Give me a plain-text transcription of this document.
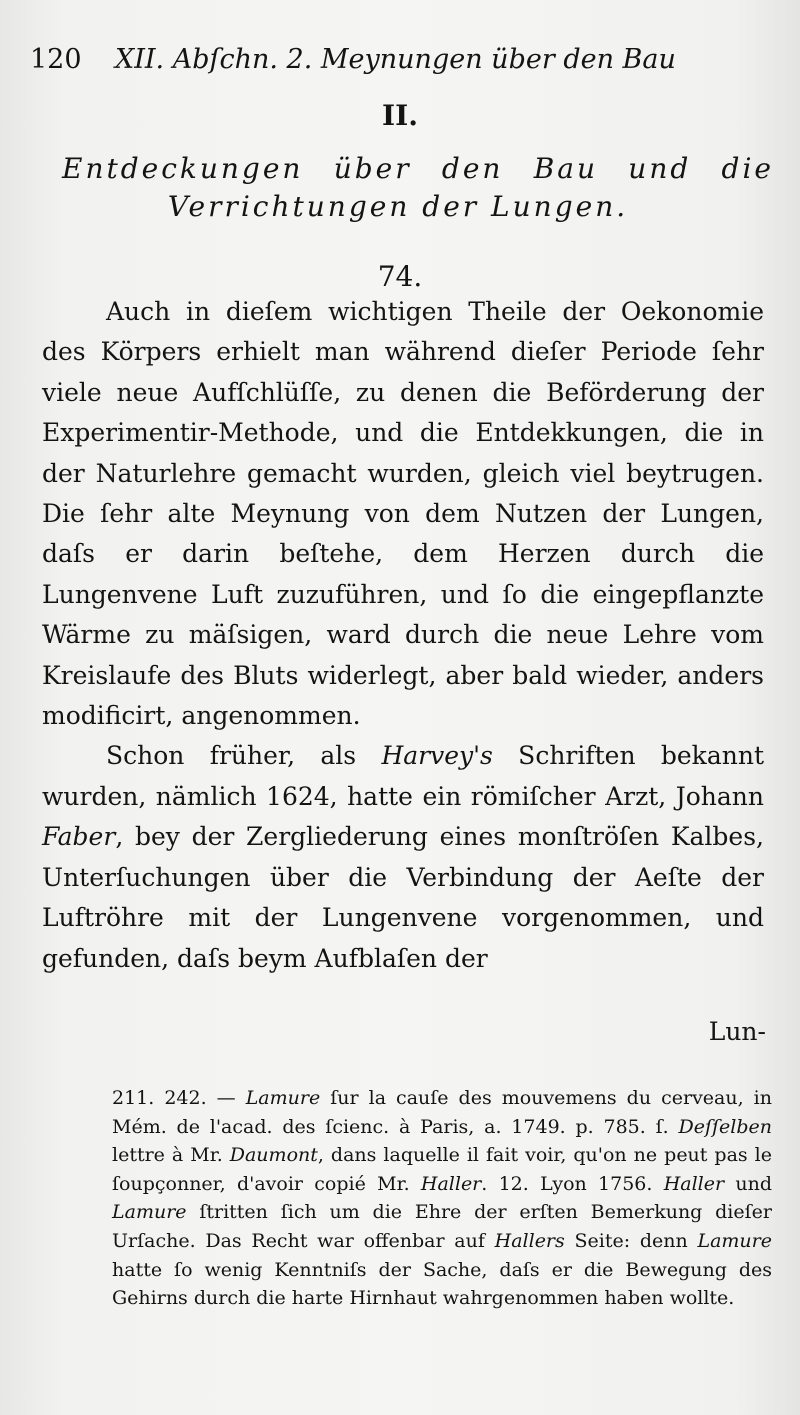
120 XII. Abſchn. 2. Meynungen über den Bau
II.
Entdeckungen über den Bau und die
Verrichtungen der Lungen.
74.

Auch in dieſem wichtigen Theile der Oekonomie des Körpers erhielt man während dieſer Periode ſehr viele neue Aufſchlüſſe, zu denen die Beförderung der Experimentir-Methode, und die Entdekkungen, die in der Naturlehre gemacht wurden, gleich viel beytrugen. Die ſehr alte Meynung von dem Nutzen der Lungen, daſs er darin beſtehe, dem Herzen durch die Lungenvene Luft zuzuführen, und ſo die eingepflanzte Wärme zu mäſsigen, ward durch die neue Lehre vom Kreislaufe des Bluts widerlegt, aber bald wieder, anders modificirt, angenommen.

Schon früher, als Harvey's Schriften bekannt wurden, nämlich 1624, hatte ein römiſcher Arzt, Johann Faber, bey der Zergliederung eines monſtröſen Kalbes, Unterſuchungen über die Verbindung der Aeſte der Luftröhre mit der Lungenvene vorgenommen, und gefunden, daſs beym Aufblaſen der

Lun-
211. 242. — Lamure ſur la cauſe des mouvemens du cerveau, in Mém. de l'acad. des ſcienc. à Paris, a. 1749. p. 785. ſ. Deſſelben lettre à Mr. Daumont, dans laquelle il fait voir, qu'on ne peut pas le ſoupçonner, d'avoir copié Mr. Haller. 12. Lyon 1756. Haller und Lamure ſtritten ſich um die Ehre der erſten Bemerkung dieſer Urſache. Das Recht war offenbar auf Hallers Seite: denn Lamure hatte ſo wenig Kenntniſs der Sache, daſs er die Bewegung des Gehirns durch die harte Hirnhaut wahrgenommen haben wollte.
